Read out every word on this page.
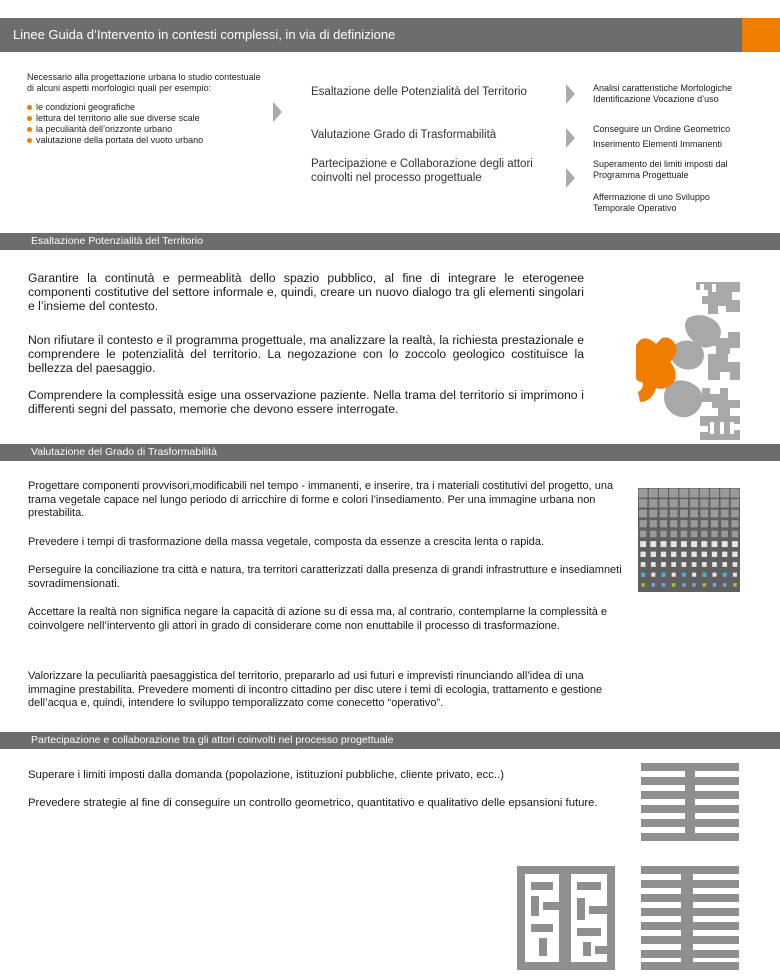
Linee Guida d’Intervento in contesti complessi, in via di definizione
Necessario alla progettazione urbana lo studio contestuale
di alcuni aspetti morfologici quali per esempio:
le condizioni geografiche
lettura del territorio alle sue diverse scale
la peculiarità dell’orizzonte urbano
valutazione della portata del vuoto urbano
Esaltazione delle Potenzialità del Territorio
Valutazione Grado di Trasformabilità
Partecipazione e Collaborazione degli attori
coinvolti nel processo progettuale
Analisi caratteristiche Morfologiche
Identificazione Vocazione d’uso
Conseguire un Ordine Geometrico
Inserimento Elementi Immanenti
Superamento dei limiti imposti dal
Programma Progettuale
Affermazione di uno Sviluppo
Temporale Operativo
Esaltazione Potenzialità del Territorio

Garantire la continutà e permeablità dello spazio pubblico, al fine di integrare le eterogenee componenti costitutive del settore informale e, quindi, creare un nuovo dialogo tra gli elementi singolari e l’insieme del contesto.

Non rifiutare il contesto e il programma progettuale, ma analizzare la realtà, la richiesta prestazionale e comprendere le potenzialità del territorio. La negozazione con lo zoccolo geologico costituisce la bellezza del paesaggio.

Comprendere la complessità esige una osservazione paziente. Nella trama del territorio si imprimono i differenti segni del passato, memorie che devono essere interrogate.

Valutazione del Grado di Trasformabilità

Progettare componenti provvisori,modificabili nel tempo - immanenti, e inserire, tra i materiali costitutivi del progetto, una trama vegetale capace nel lungo periodo di arricchire di forme e colori l’insediamento. Per una immagine urbana non prestabilita.

Prevedere i tempi di trasformazione della massa vegetale, composta da essenze a crescita lenta o rapida.

Perseguire la conciliazione tra città e natura, tra territori caratterizzati dalla presenza di grandi infrastrutture e insediamneti sovradimensionati.

Accettare la realtà non significa negare la capacità di azione su di essa ma, al contrario, contemplarne la complessità e coinvolgere nell’intervento gli attori in grado di considerare come non enuttabile il processo di trasformazione.

Valorizzare la peculiarità paesaggistica del territorio, prepararlo ad usi futuri e imprevisti rinunciando all’idea di una immagine prestabilita. Prevedere momenti di incontro cittadino per disc utere i temi di ecologia, trattamento e gestione dell’acqua e, quindi, intendere lo sviluppo temporalizzato come conecetto “operativo”.

Partecipazione e collaborazione tra gli attori coinvolti nel processo progettuale

Superare i limiti imposti dalla domanda (popolazione, istituzioni pubbliche, cliente privato, ecc..)

Prevedere strategie al fine di conseguire un controllo geometrico, quantitativo e qualitativo delle epsansioni future.
